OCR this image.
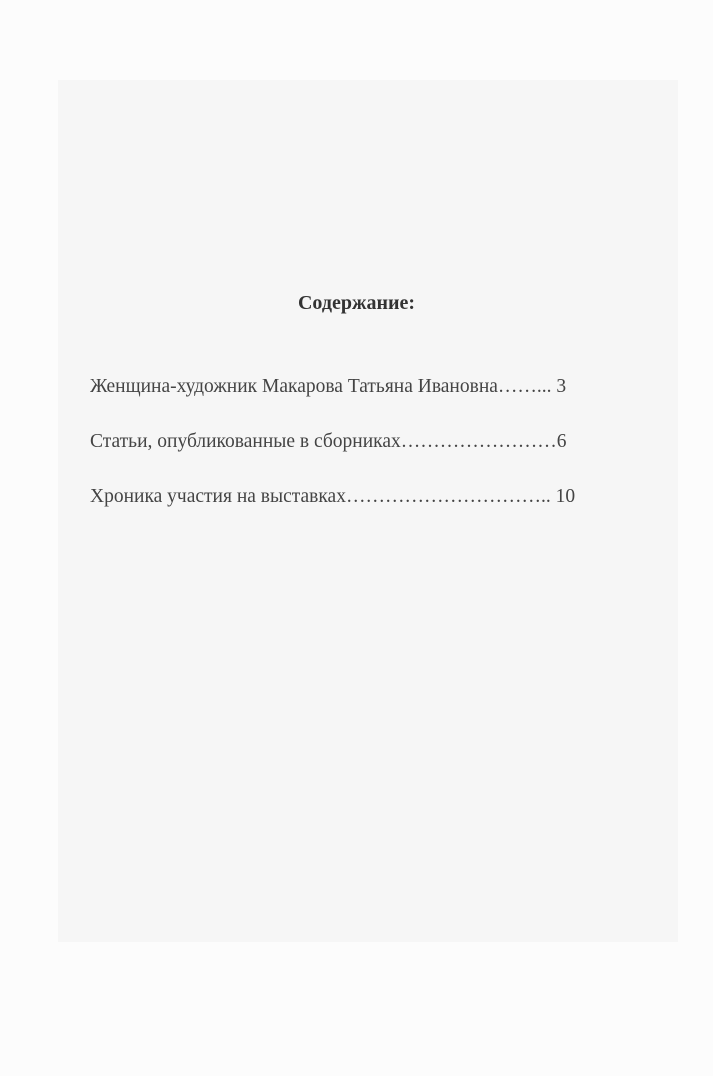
Содержание:
Женщина-художник Макарова Татьяна Ивановна……... 3
Статьи, опубликованные в сборниках……………………6
Хроника участия на выставках………………………….. 10
